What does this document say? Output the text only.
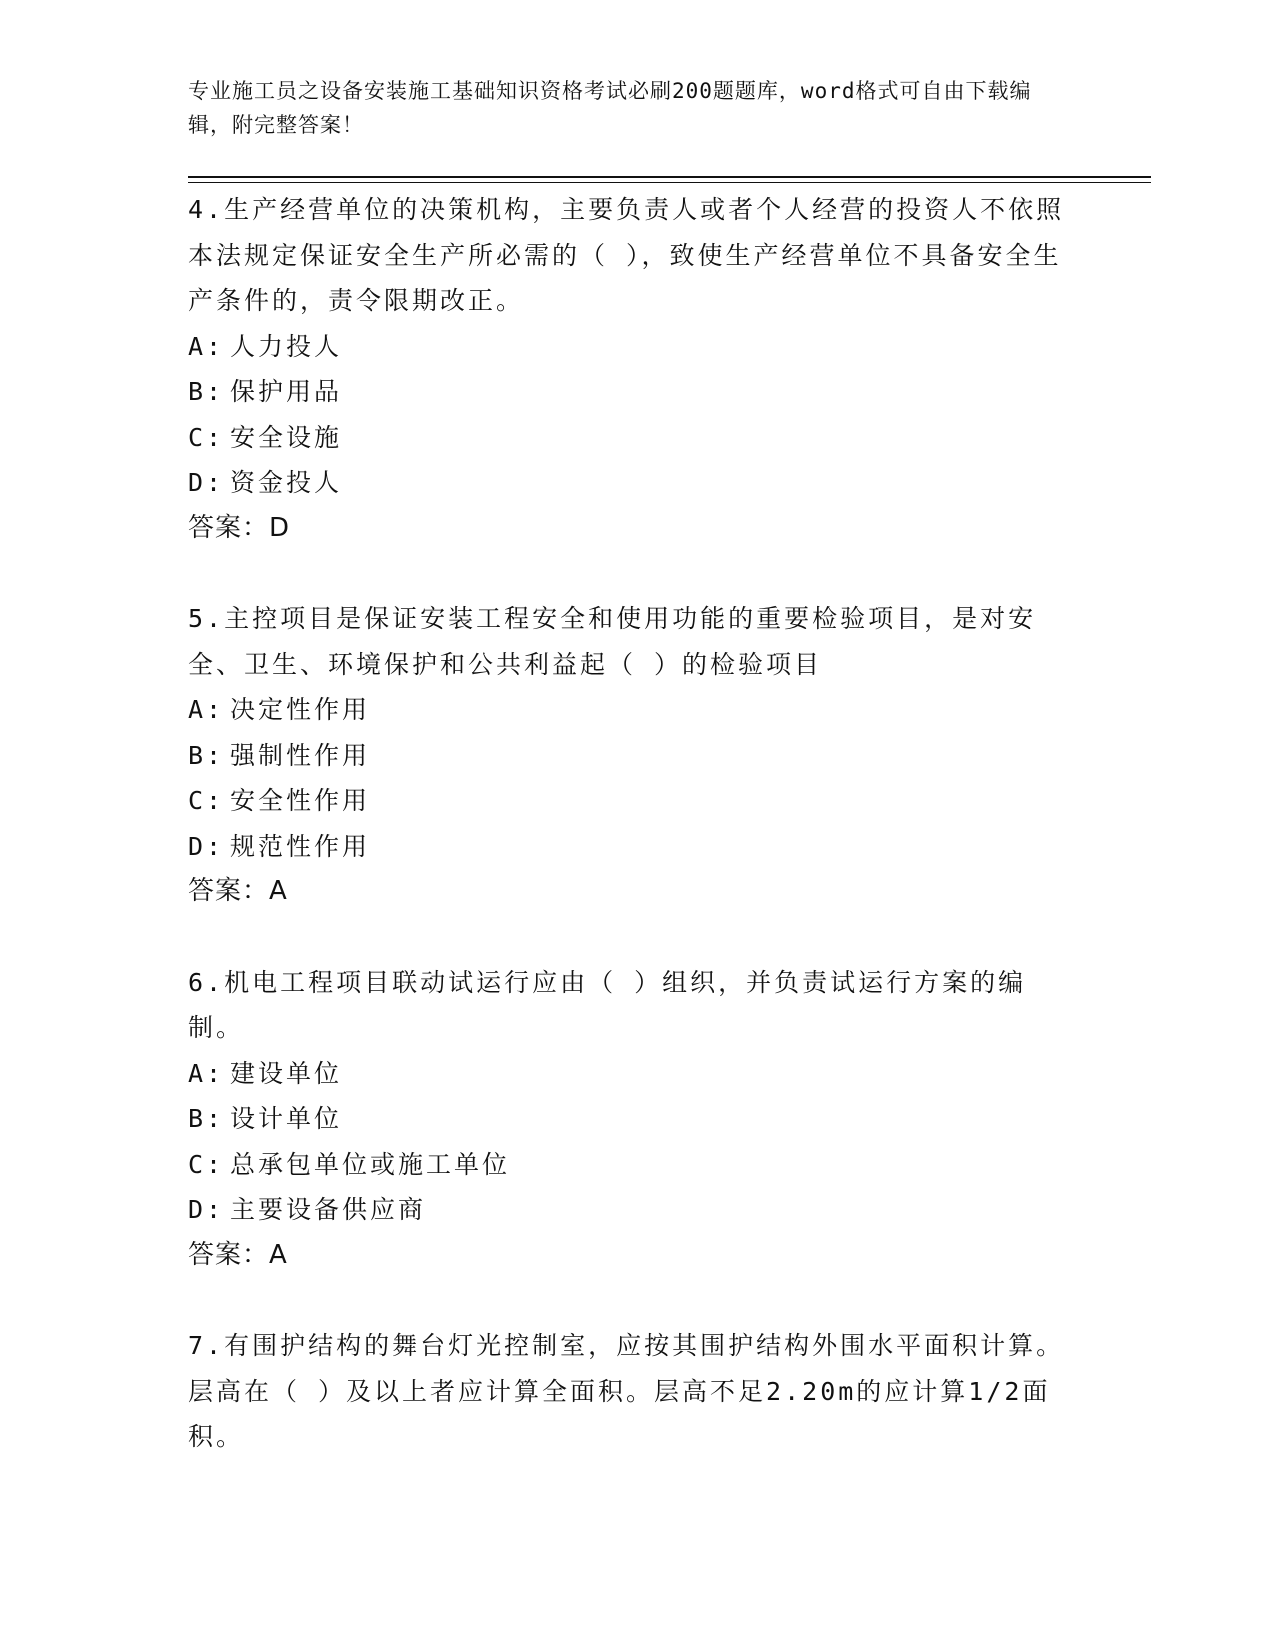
专业施工员之设备安装施工基础知识资格考试必刷200题题库，word格式可自由下载编辑，附完整答案！

4.生产经营单位的决策机构，主要负责人或者个人经营的投资人不依照本法规定保证安全生产所必需的（ ），致使生产经营单位不具备安全生产条件的，责令限期改正。

A: 人力投人
B: 保护用品
C: 安全设施
D: 资金投人

答案：D

5.主控项目是保证安装工程安全和使用功能的重要检验项目，是对安全、卫生、环境保护和公共利益起（ ）的检验项目

A: 决定性作用
B: 强制性作用
C: 安全性作用
D: 规范性作用

答案：A

6.机电工程项目联动试运行应由（ ）组织，并负责试运行方案的编制。

A: 建设单位
B: 设计单位
C: 总承包单位或施工单位
D: 主要设备供应商

答案：A

7.有围护结构的舞台灯光控制室，应按其围护结构外围水平面积计算。层高在（ ）及以上者应计算全面积。层高不足2.20m的应计算1/2面积。
